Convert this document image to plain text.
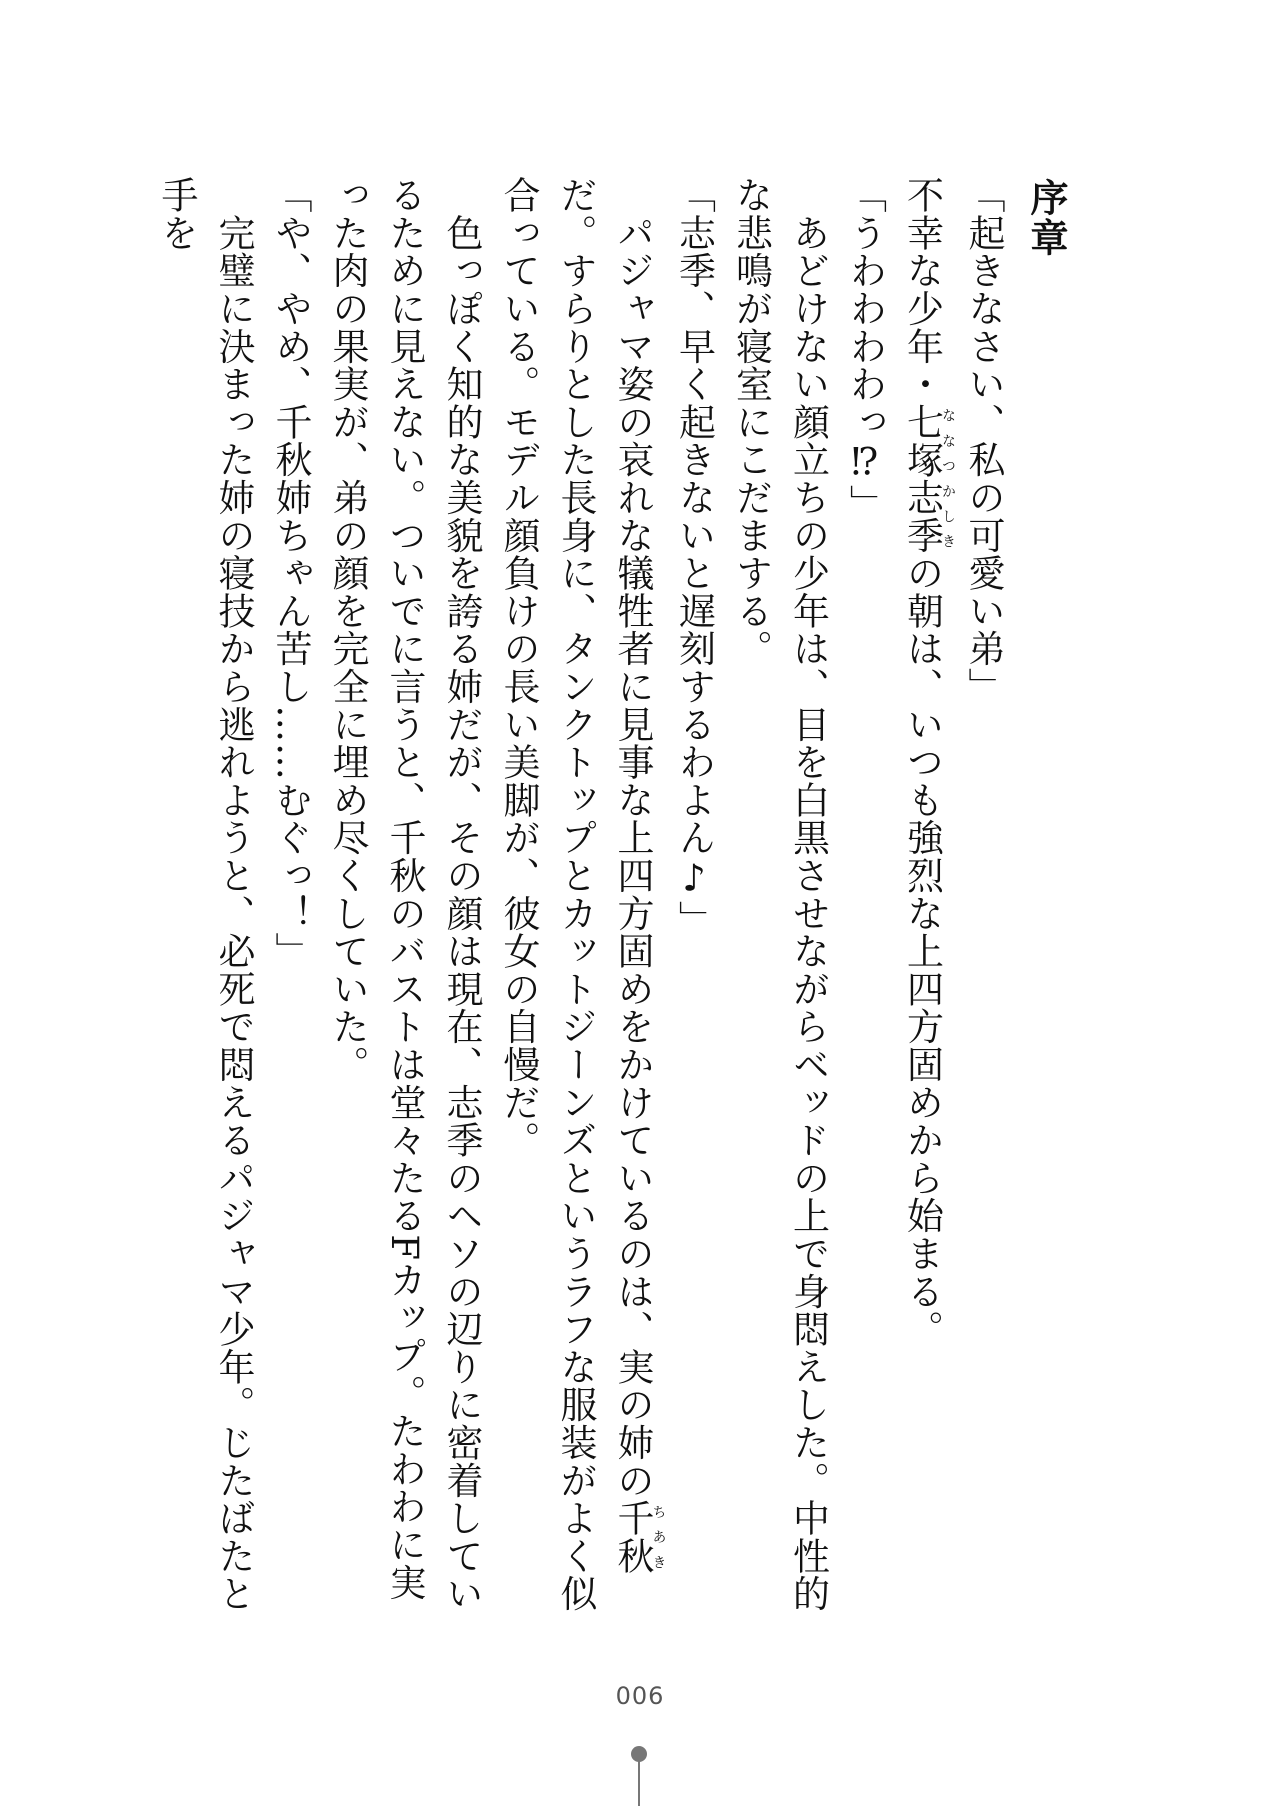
序章

「起きなさい、私の可愛い弟」

不幸な少年・七塚志季ななつかしきの朝は、いつも強烈な上四方固めから始まる。

「うわわわわっ⁉」

　あどけない顔立ちの少年は、目を白黒させながらベッドの上で身悶えした。中性的な悲鳴が寝室にこだまする。

「志季、早く起きないと遅刻するわよん♪」

　パジャマ姿の哀れな犠牲者に見事な上四方固めをかけているのは、実の姉の千秋ちあきだ。すらりとした長身に、タンクトップとカットジーンズというラフな服装がよく似合っている。モデル顔負けの長い美脚が、彼女の自慢だ。

　色っぽく知的な美貌を誇る姉だが、その顔は現在、志季のヘソの辺りに密着しているために見えない。ついでに言うと、千秋のバストは堂々たるFカップ。たわわに実った肉の果実が、弟の顔を完全に埋め尽くしていた。

「や、やめ、千秋姉ちゃん苦し……むぐっ！」

　完璧に決まった姉の寝技から逃れようと、必死で悶えるパジャマ少年。じたばたと手を

006
